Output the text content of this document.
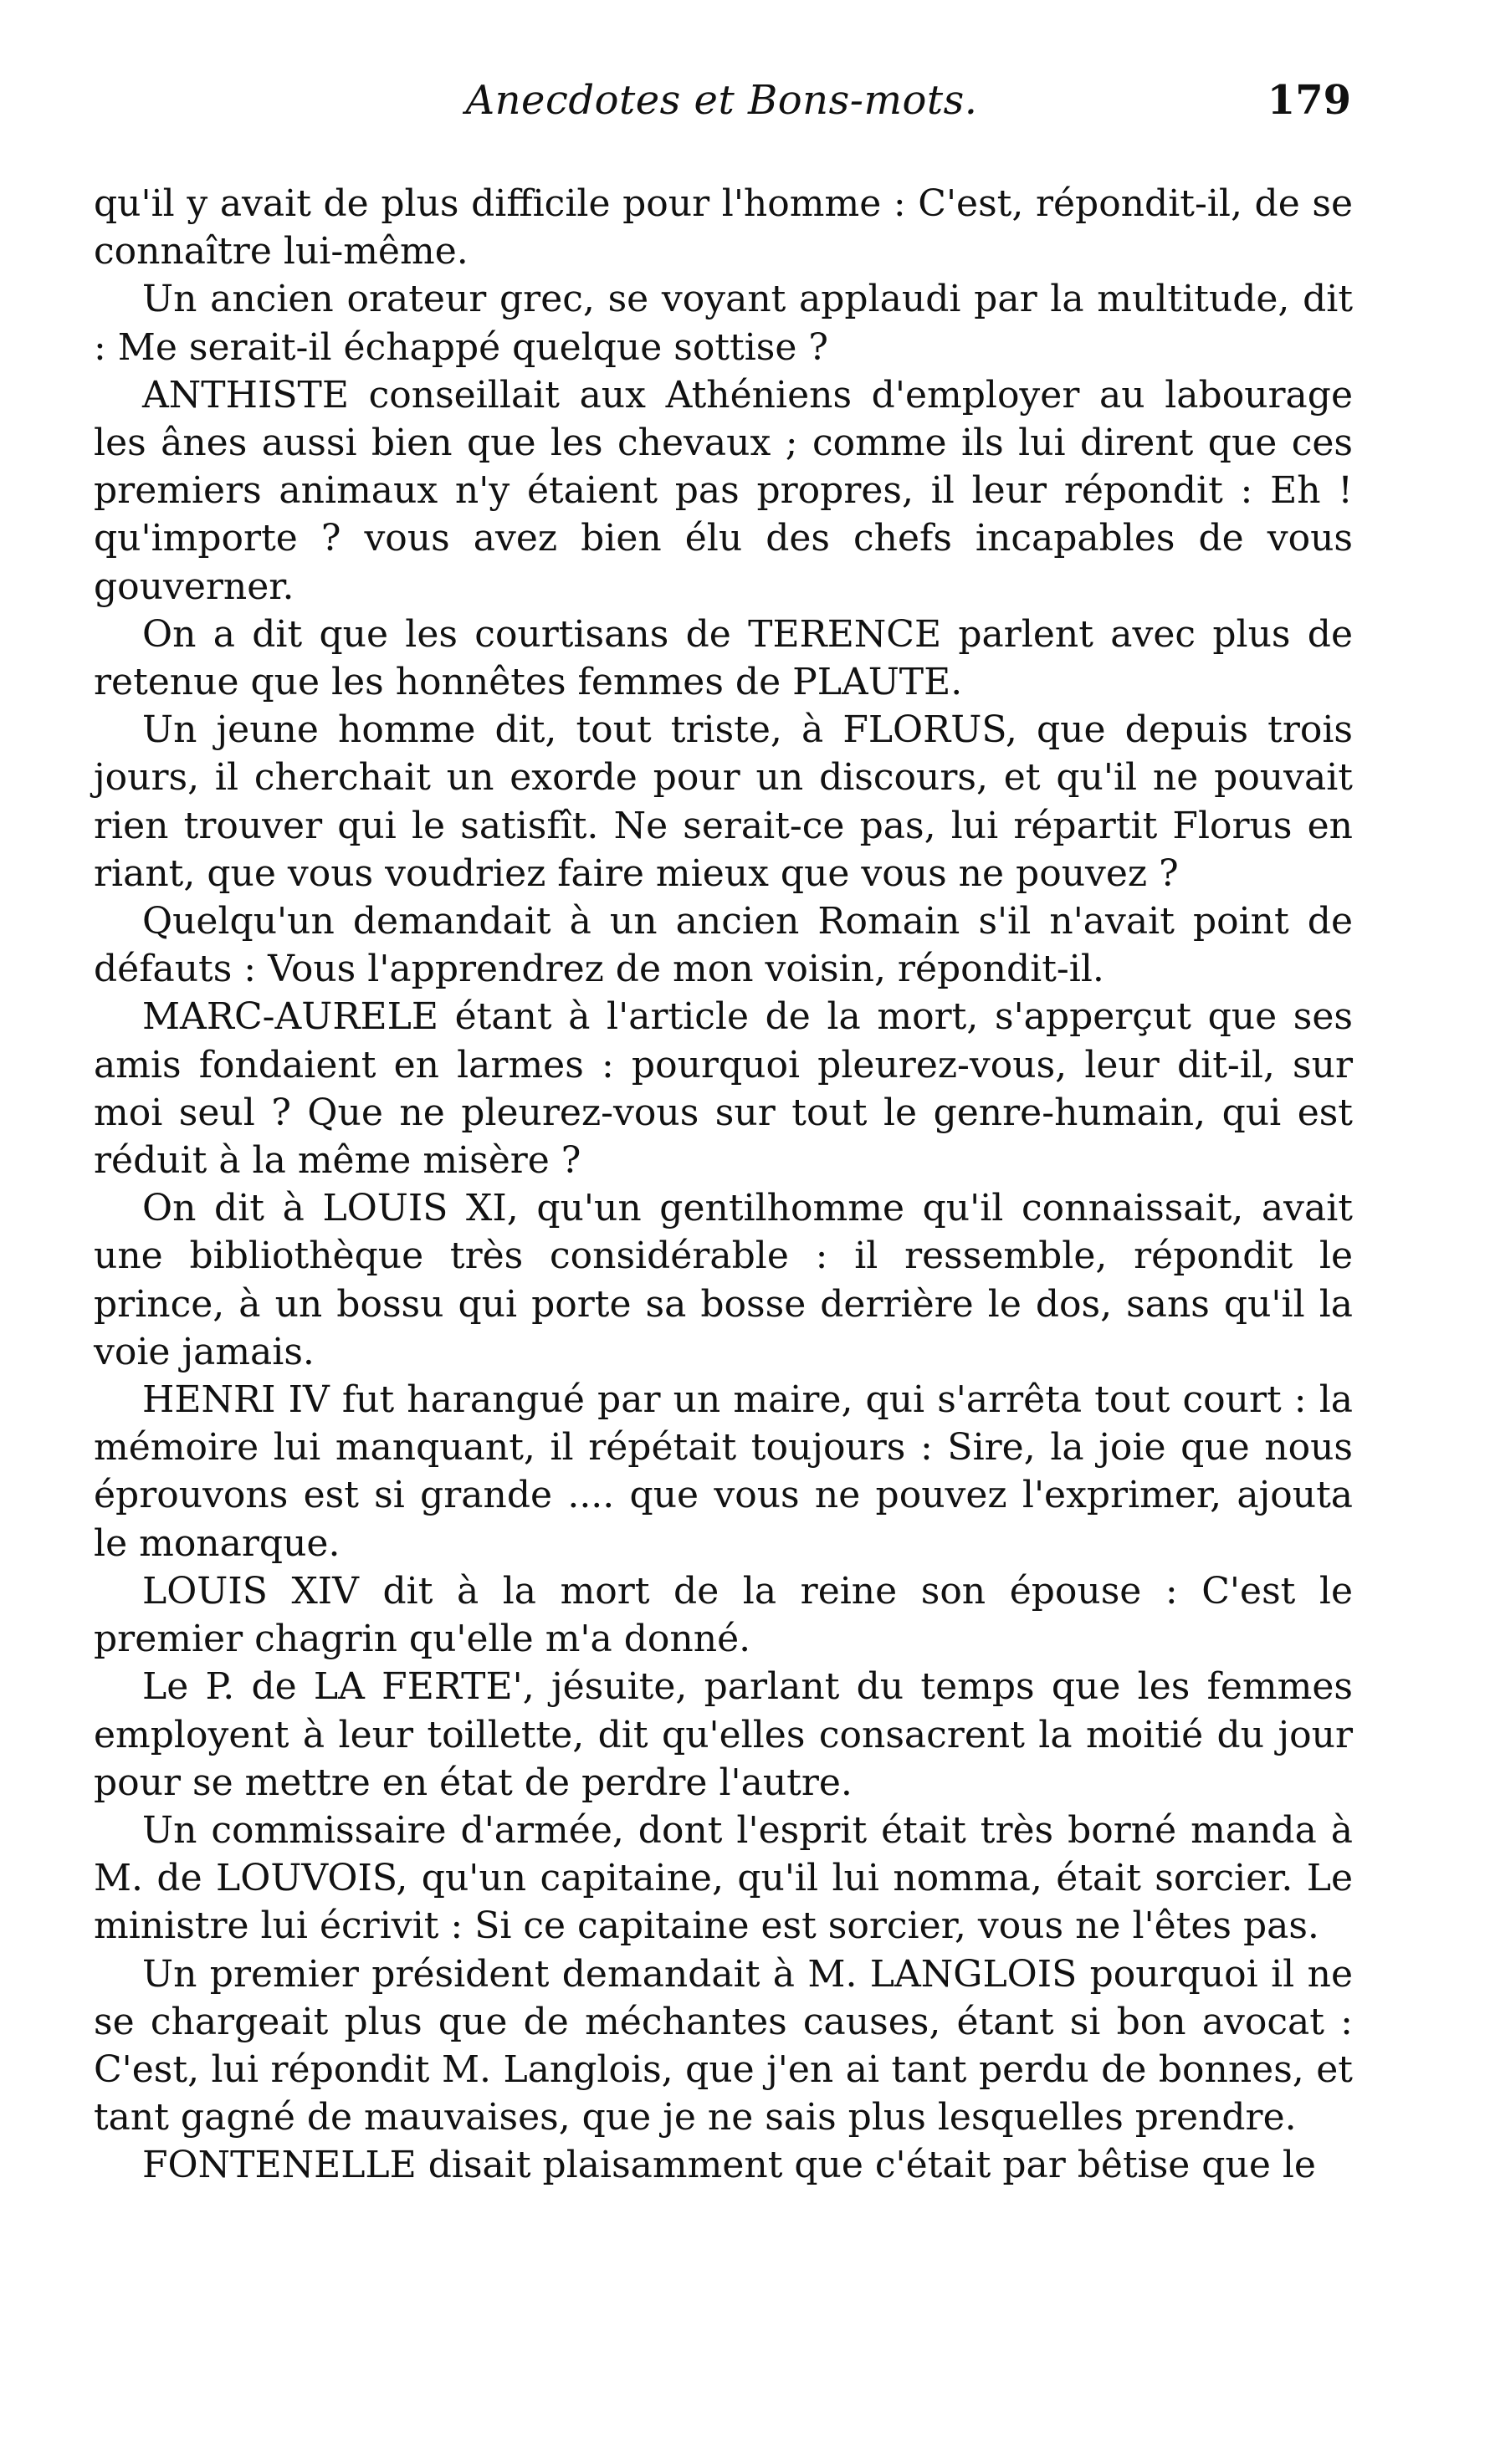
Anecdotes et Bons-mots.	179

qu'il y avait de plus difficile pour l'homme : C'est, répondit-il, de se connaître lui-même.

Un ancien orateur grec, se voyant applaudi par la multitude, dit : Me serait-il échappé quelque sottise ?

ANTHISTE conseillait aux Athéniens d'employer au labourage les ânes aussi bien que les chevaux ; comme ils lui dirent que ces premiers animaux n'y étaient pas propres, il leur répondit : Eh ! qu'importe ? vous avez bien élu des chefs incapables de vous gouverner.

On a dit que les courtisans de TERENCE parlent avec plus de retenue que les honnêtes femmes de PLAUTE.

Un jeune homme dit, tout triste, à FLORUS, que depuis trois jours, il cherchait un exorde pour un discours, et qu'il ne pouvait rien trouver qui le satisfît. Ne serait-ce pas, lui répartit Florus en riant, que vous voudriez faire mieux que vous ne pouvez ?

Quelqu'un demandait à un ancien Romain s'il n'avait point de défauts : Vous l'apprendrez de mon voisin, répondit-il.

MARC-AURELE étant à l'article de la mort, s'apperçut que ses amis fondaient en larmes : pourquoi pleurez-vous, leur dit-il, sur moi seul ? Que ne pleurez-vous sur tout le genre-humain, qui est réduit à la même misère ?

On dit à LOUIS XI, qu'un gentilhomme qu'il connaissait, avait une bibliothèque très considérable : il ressemble, répondit le prince, à un bossu qui porte sa bosse derrière le dos, sans qu'il la voie jamais.

HENRI IV fut harangué par un maire, qui s'arrêta tout court : la mémoire lui manquant, il répétait toujours : Sire, la joie que nous éprouvons est si grande .... que vous ne pouvez l'exprimer, ajouta le monarque.

LOUIS XIV dit à la mort de la reine son épouse : C'est le premier chagrin qu'elle m'a donné.

Le P. de LA FERTE', jésuite, parlant du temps que les femmes employent à leur toillette, dit qu'elles consacrent la moitié du jour pour se mettre en état de perdre l'autre.

Un commissaire d'armée, dont l'esprit était très borné manda à M. de LOUVOIS, qu'un capitaine, qu'il lui nomma, était sorcier. Le ministre lui écrivit : Si ce capitaine est sorcier, vous ne l'êtes pas.

Un premier président demandait à M. LANGLOIS pourquoi il ne se chargeait plus que de méchantes causes, étant si bon avocat : C'est, lui répondit M. Langlois, que j'en ai tant perdu de bonnes, et tant gagné de mauvaises, que je ne sais plus lesquelles prendre.

FONTENELLE disait plaisamment que c'était par bêtise que le
